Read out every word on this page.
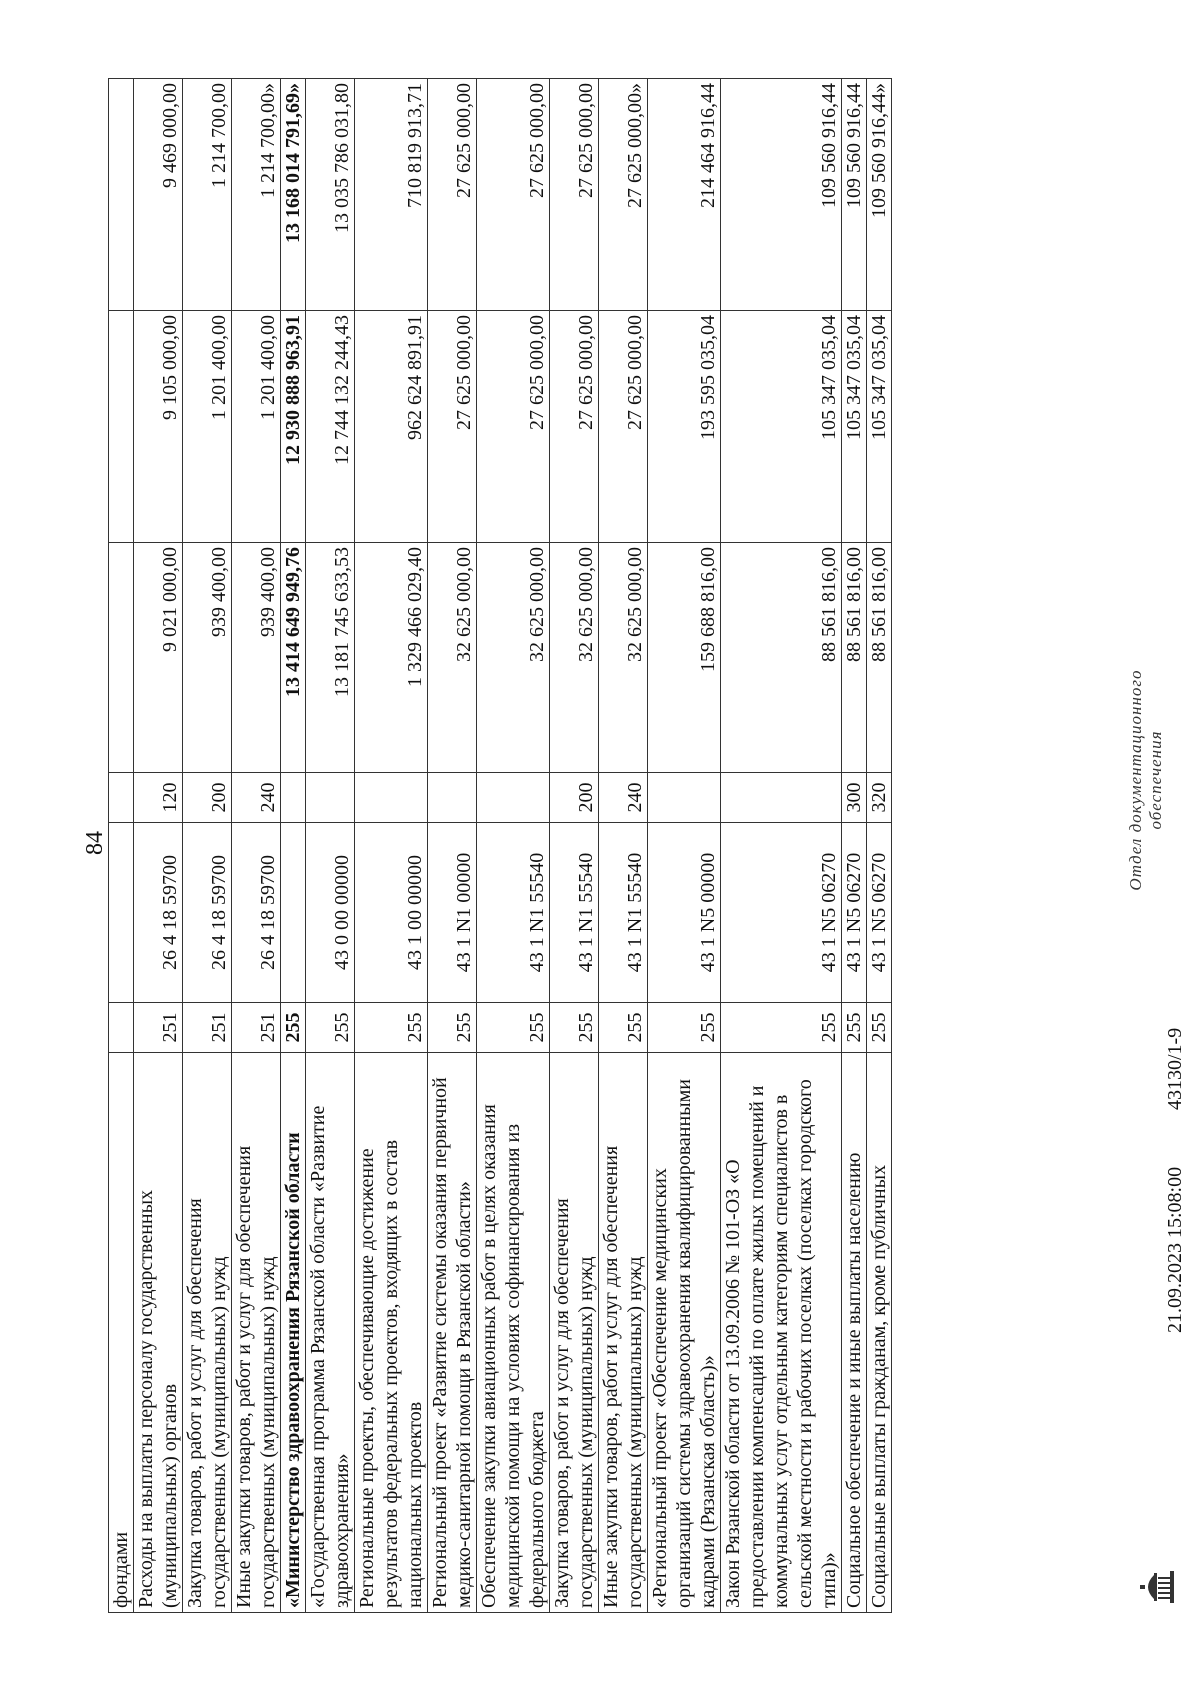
84
фондами						
Расходы на выплаты персоналу государственных (муниципальных) органов	251	26 4 18 59700	120	9 021 000,00	9 105 000,00	9 469 000,00
Закупка товаров, работ и услуг для обеспечения государственных (муниципальных) нужд	251	26 4 18 59700	200	939 400,00	1 201 400,00	1 214 700,00
Иные закупки товаров, работ и услуг для обеспечения государственных (муниципальных) нужд	251	26 4 18 59700	240	939 400,00	1 201 400,00	1 214 700,00»
«Министерство здравоохранения Рязанской области	255			13 414 649 949,76	12 930 888 963,91	13 168 014 791,69»
«Государственная программа Рязанской области «Развитие здравоохранения»	255	43 0 00 00000		13 181 745 633,53	12 744 132 244,43	13 035 786 031,80
Региональные проекты, обеспечивающие достижение результатов федеральных проектов, входящих в состав национальных проектов	255	43 1 00 00000		1 329 466 029,40	962 624 891,91	710 819 913,71
Региональный проект «Развитие системы оказания первичной медико-санитарной помощи в Рязанской области»	255	43 1 N1 00000		32 625 000,00	27 625 000,00	27 625 000,00
Обеспечение закупки авиационных работ в целях оказания медицинской помощи на условиях софинансирования из федерального бюджета	255	43 1 N1 55540		32 625 000,00	27 625 000,00	27 625 000,00
Закупка товаров, работ и услуг для обеспечения государственных (муниципальных) нужд	255	43 1 N1 55540	200	32 625 000,00	27 625 000,00	27 625 000,00
Иные закупки товаров, работ и услуг для обеспечения государственных (муниципальных) нужд	255	43 1 N1 55540	240	32 625 000,00	27 625 000,00	27 625 000,00»
«Региональный проект «Обеспечение медицинских организаций системы здравоохранения квалифицированными кадрами (Рязанская область)»	255	43 1 N5 00000		159 688 816,00	193 595 035,04	214 464 916,44
Закон Рязанской области от 13.09.2006 № 101-ОЗ «О предоставлении компенсаций по оплате жилых помещений и коммунальных услуг отдельным категориям специалистов в сельской местности и рабочих поселках (поселках городского типа)»	255	43 1 N5 06270		88 561 816,00	105 347 035,04	109 560 916,44
Социальное обеспечение и иные выплаты населению	255	43 1 N5 06270	300	88 561 816,00	105 347 035,04	109 560 916,44
Социальные выплаты гражданам, кроме публичных	255	43 1 N5 06270	320	88 561 816,00	105 347 035,04	109 560 916,44»
21.09.2023 15:08:00
43130/1-9
Отдел документационного обеспечения
